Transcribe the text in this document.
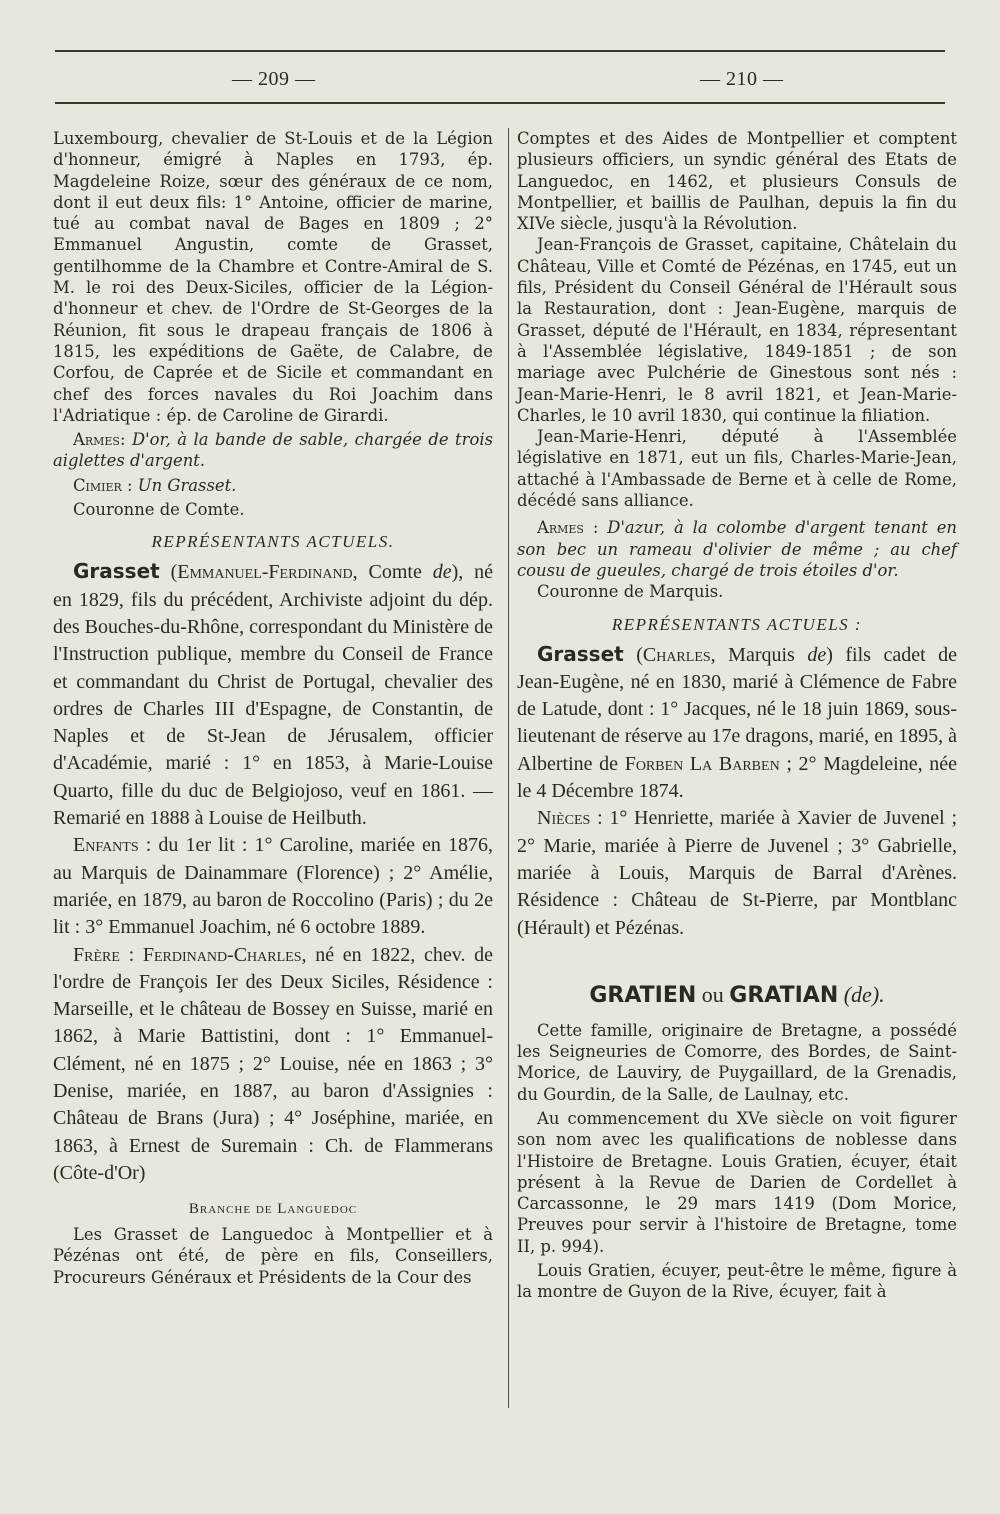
— 209 —	— 210 —

Luxembourg, chevalier de St-Louis et de la Légion d'honneur, émigré à Naples en 1793, ép. Magdeleine Roize, sœur des généraux de ce nom, dont il eut deux fils: 1° Antoine, officier de marine, tué au combat naval de Bages en 1809 ; 2° Emmanuel Angustin, comte de Grasset, gentilhomme de la Chambre et Contre-Amiral de S. M. le roi des Deux-Siciles, officier de la Légion-d'honneur et chev. de l'Ordre de St-Georges de la Réunion, fit sous le drapeau français de 1806 à 1815, les expéditions de Gaëte, de Calabre, de Corfou, de Caprée et de Sicile et commandant en chef des forces navales du Roi Joachim dans l'Adriatique : ép. de Caroline de Girardi.

Armes: D'or, à la bande de sable, chargée de trois aiglettes d'argent.

Cimier : Un Grasset.

Couronne de Comte.

REPRÉSENTANTS ACTUELS.

Grasset (Emmanuel-Ferdinand, Comte de), né en 1829, fils du précédent, Archiviste adjoint du dép. des Bouches-du-Rhône, correspondant du Ministère de l'Instruction publique, membre du Conseil de France et commandant du Christ de Portugal, chevalier des ordres de Charles III d'Espagne, de Constantin, de Naples et de St-Jean de Jérusalem, officier d'Académie, marié : 1° en 1853, à Marie-Louise Quarto, fille du duc de Belgiojoso, veuf en 1861. — Remarié en 1888 à Louise de Heilbuth.

Enfants : du 1er lit : 1° Caroline, mariée en 1876, au Marquis de Dainammare (Florence) ; 2° Amélie, mariée, en 1879, au baron de Roccolino (Paris) ; du 2e lit : 3° Emmanuel Joachim, né 6 octobre 1889.

Frère : Ferdinand-Charles, né en 1822, chev. de l'ordre de François Ier des Deux Siciles, Résidence : Marseille, et le château de Bossey en Suisse, marié en 1862, à Marie Battistini, dont : 1° Emmanuel-Clément, né en 1875 ; 2° Louise, née en 1863 ; 3° Denise, mariée, en 1887, au baron d'Assignies : Château de Brans (Jura) ; 4° Joséphine, mariée, en 1863, à Ernest de Suremain : Ch. de Flammerans (Côte-d'Or)

Branche de Languedoc

Les Grasset de Languedoc à Montpellier et à Pézénas ont été, de père en fils, Conseillers, Procureurs Généraux et Présidents de la Cour des

Comptes et des Aides de Montpellier et comptent plusieurs officiers, un syndic général des Etats de Languedoc, en 1462, et plusieurs Consuls de Montpellier, et baillis de Paulhan, depuis la fin du XIVe siècle, jusqu'à la Révolution.

Jean-François de Grasset, capitaine, Châtelain du Château, Ville et Comté de Pézénas, en 1745, eut un fils, Président du Conseil Général de l'Hérault sous la Restauration, dont : Jean-Eugène, marquis de Grasset, député de l'Hérault, en 1834, répresentant à l'Assemblée législative, 1849-1851 ; de son mariage avec Pulchérie de Ginestous sont nés : Jean-Marie-Henri, le 8 avril 1821, et Jean-Marie-Charles, le 10 avril 1830, qui continue la filiation.

Jean-Marie-Henri, député à l'Assemblée législative en 1871, eut un fils, Charles-Marie-Jean, attaché à l'Ambassade de Berne et à celle de Rome, décédé sans alliance.

Armes : D'azur, à la colombe d'argent tenant en son bec un rameau d'olivier de même ; au chef cousu de gueules, chargé de trois étoiles d'or.

Couronne de Marquis.

REPRÉSENTANTS ACTUELS :

Grasset (Charles, Marquis de) fils cadet de Jean-Eugène, né en 1830, marié à Clémence de Fabre de Latude, dont : 1° Jacques, né le 18 juin 1869, sous-lieutenant de réserve au 17e dragons, marié, en 1895, à Albertine de Forben La Barben ; 2° Magdeleine, née le 4 Décembre 1874.

Nièces : 1° Henriette, mariée à Xavier de Juvenel ; 2° Marie, mariée à Pierre de Juvenel ; 3° Gabrielle, mariée à Louis, Marquis de Barral d'Arènes. Résidence : Château de St-Pierre, par Montblanc (Hérault) et Pézénas.

GRATIEN ou GRATIAN (de).

Cette famille, originaire de Bretagne, a possédé les Seigneuries de Comorre, des Bordes, de Saint-Morice, de Lauviry, de Puygaillard, de la Grenadis, du Gourdin, de la Salle, de Laulnay, etc.

Au commencement du XVe siècle on voit figurer son nom avec les qualifications de noblesse dans l'Histoire de Bretagne. Louis Gratien, écuyer, était présent à la Revue de Darien de Cordellet à Carcassonne, le 29 mars 1419 (Dom Morice, Preuves pour servir à l'histoire de Bretagne, tome II, p. 994).

Louis Gratien, écuyer, peut-être le même, figure à la montre de Guyon de la Rive, écuyer, fait à
